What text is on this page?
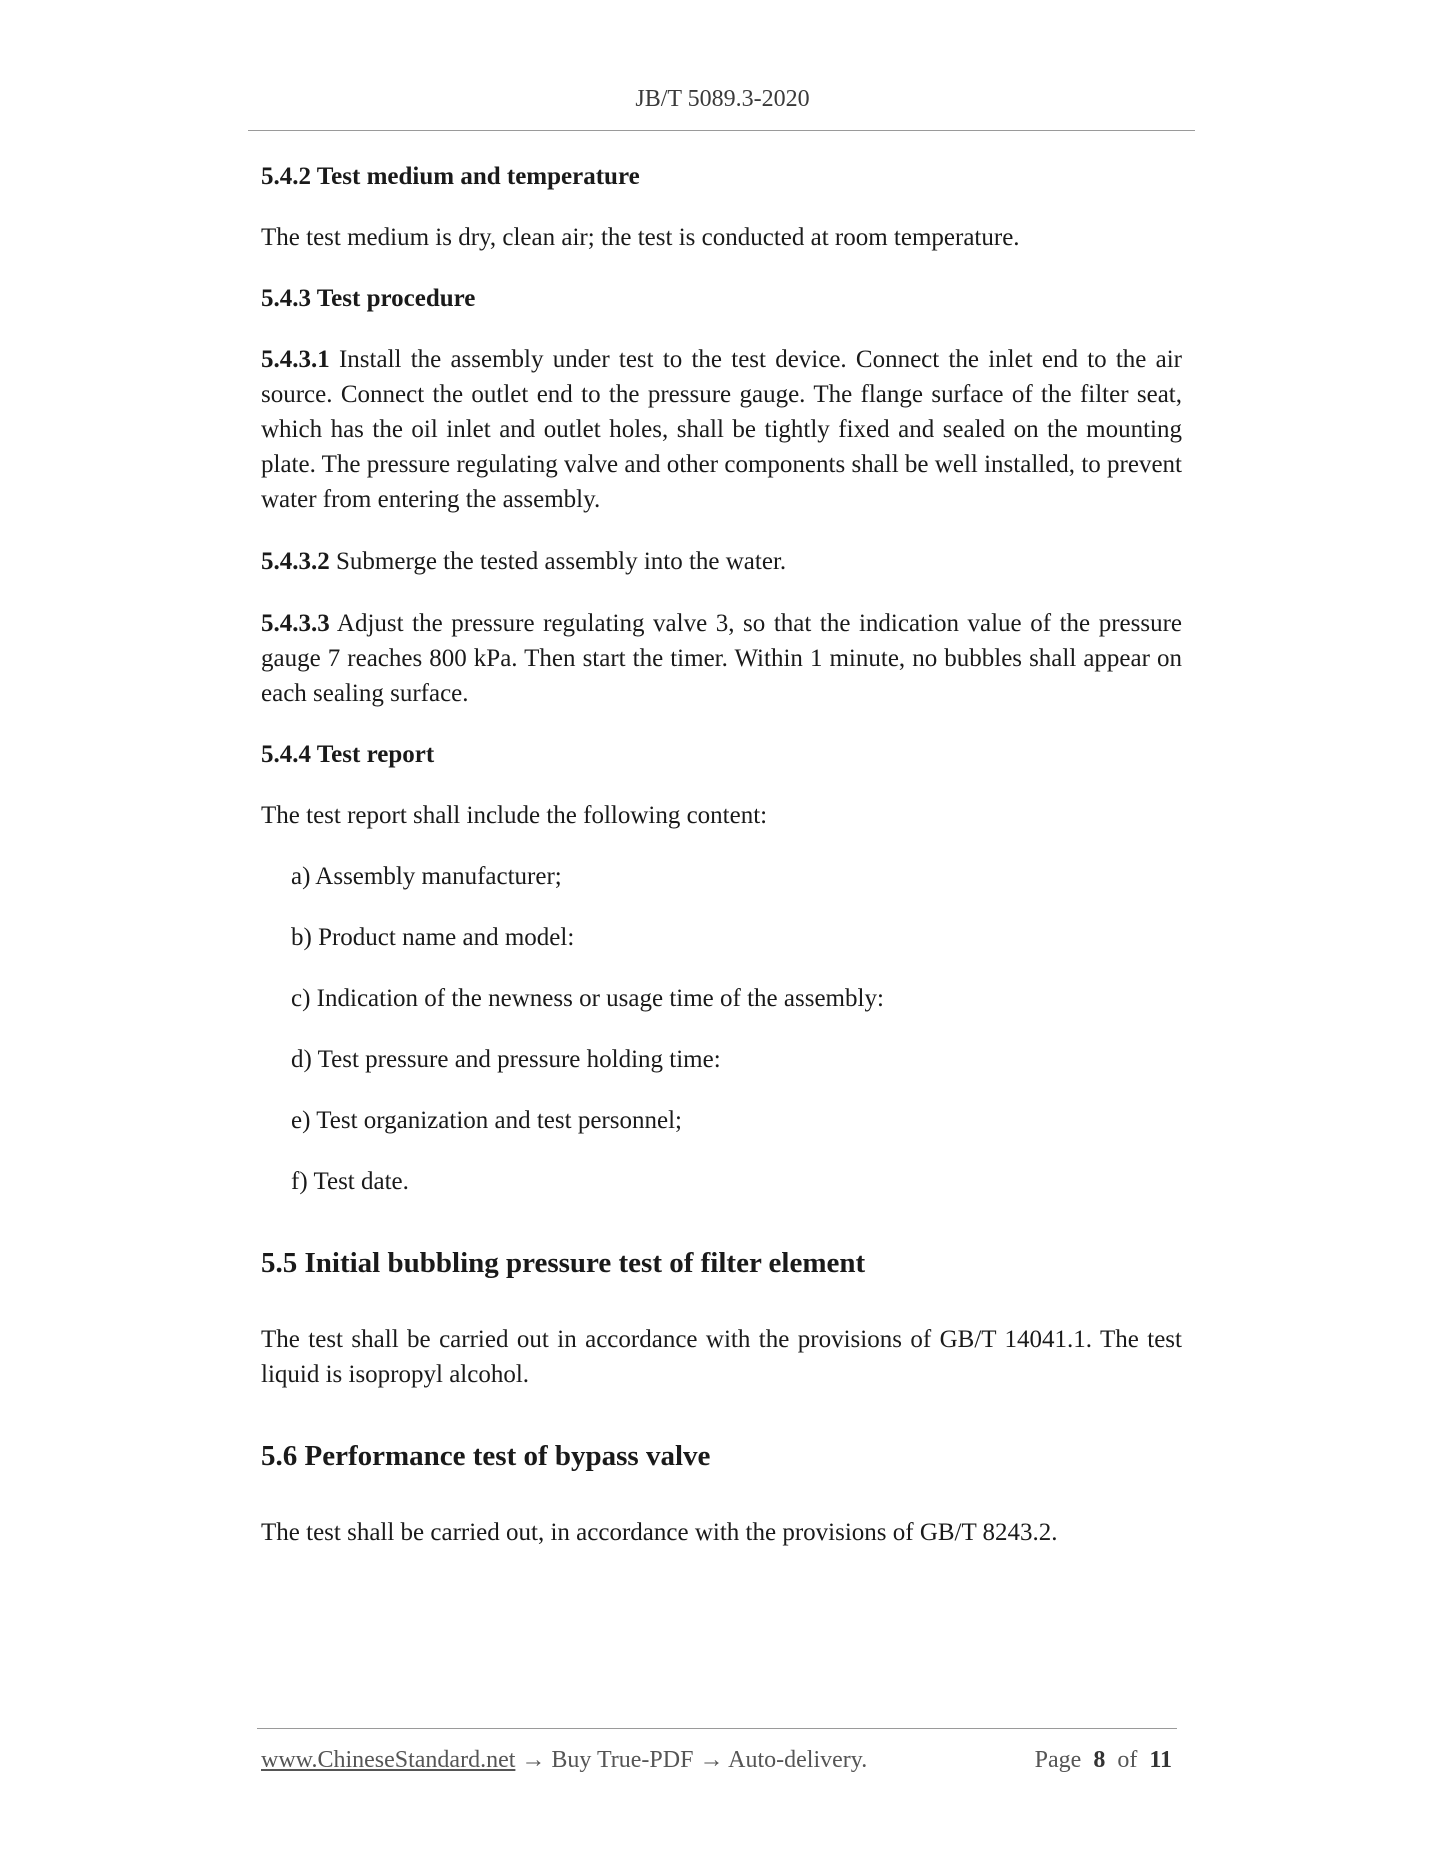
JB/T 5089.3-2020

5.4.2 Test medium and temperature

The test medium is dry, clean air; the test is conducted at room temperature.

5.4.3 Test procedure

5.4.3.1 Install the assembly under test to the test device. Connect the inlet end to the air source. Connect the outlet end to the pressure gauge. The flange surface of the filter seat, which has the oil inlet and outlet holes, shall be tightly fixed and sealed on the mounting plate. The pressure regulating valve and other components shall be well installed, to prevent water from entering the assembly.

5.4.3.2 Submerge the tested assembly into the water.

5.4.3.3 Adjust the pressure regulating valve 3, so that the indication value of the pressure gauge 7 reaches 800 kPa. Then start the timer. Within 1 minute, no bubbles shall appear on each sealing surface.

5.4.4 Test report

The test report shall include the following content:

a) Assembly manufacturer;
b) Product name and model:
c) Indication of the newness or usage time of the assembly:
d) Test pressure and pressure holding time:
e) Test organization and test personnel;
f) Test date.

5.5 Initial bubbling pressure test of filter element

The test shall be carried out in accordance with the provisions of GB/T 14041.1. The test liquid is isopropyl alcohol.

5.6 Performance test of bypass valve

The test shall be carried out, in accordance with the provisions of GB/T 8243.2.

www.ChineseStandard.net → Buy True-PDF → Auto-delivery.	Page 8 of 11
